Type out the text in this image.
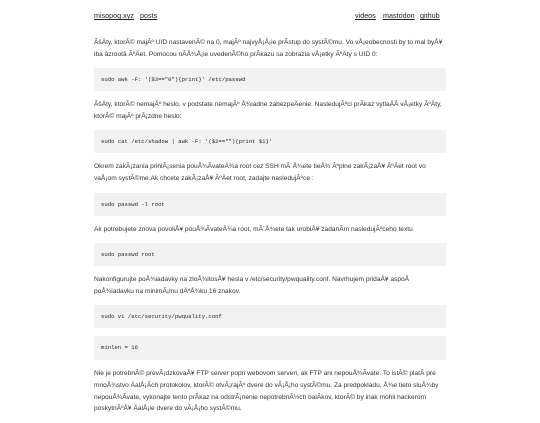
misopog.xyz posts	videos mastodon github

ÃšÄty, ktorÃ© majÃº UID nastavenÃ© na 0, majÃº najvyÅ¡Å¡ie prÃstup do systÃ©mu. Vo vÅ¡eobecnosti by to mal byÅ¥ iba âzrootâ ÃºÄet. Pomocou nÃÅ¾Å¡ie uvedenÃ©ho prÃkazu sa zobrazia vÅ¡etky ÃºÄty s UID 0:

sudo awk -F: '($3=="0"){print}' /etc/passwd

ÃšÄty, ktorÃ© nemajÃº heslo, v podstate nemajÃº Å¾iadne zabezpeÄenie. NasledujÃºci prÃkaz vytlaÄÃ vÅ¡etky ÃºÄty, ktorÃ© majÃº prÃ¡zdne heslo:

sudo cat /etc/shadow | awk -F: '($2==""){print $1}'

Okrem zakÃ¡zania prihlÃ¡senia pouÅ¾ÃvateÄ¾a root cez SSH mÃ´Å¾ete tieÅ¾ Ãºplne zakÃ¡zaÅ¥ ÃºÄet root vo vaÅ¡om systÃ©me.Ak chcete zakÃ¡zaÅ¥ ÃºÄet root, zadajte nasledujÃºce :

sudo passwd -l root

Ak potrebujete znova povoliÅ¥ pouÅ¾ÃvateÄ¾a root, mÃ´Å¾ete tak urobiÅ¥ zadanÃm nasledujÃºceho textu

sudo passwd root

Nakonfigurujte poÅ¾iadavky na zloÅ¾itosÅ¥ hesla v /etc/security/pwquality.conf. Navrhujem pridaÅ¥ aspoÅ poÅ¾iadavku na minimÃ¡lnu dÄºÅ¾ku 16 znakov.

sudo vi /etc/security/pwquality.conf
minlen = 16

Nie je potrebnÃ© prevÃ¡dzkovaÅ¥ FTP server popri webovom serveri, ak FTP ani nepouÅ¾Ãvate. To istÃ© platÃ pre mnoÅ¾stvo ÄalÅ¡Ãch protokolov, ktorÃ© otvÃ¡rajÃº dvere do vÃ¡Å¡ho systÃ©mu. Za predpokladu, Å¾e tieto sluÅ¾by nepouÅ¾Ãvate, vykonajte tento prÃkaz na odstrÃ¡nenie nepotrebnÃ½ch balÃkov, ktorÃ© by inak mohli hackerom poskytnÃºÅ¥ ÄalÅ¡ie dvere do vÃ¡Å¡ho systÃ©mu.
